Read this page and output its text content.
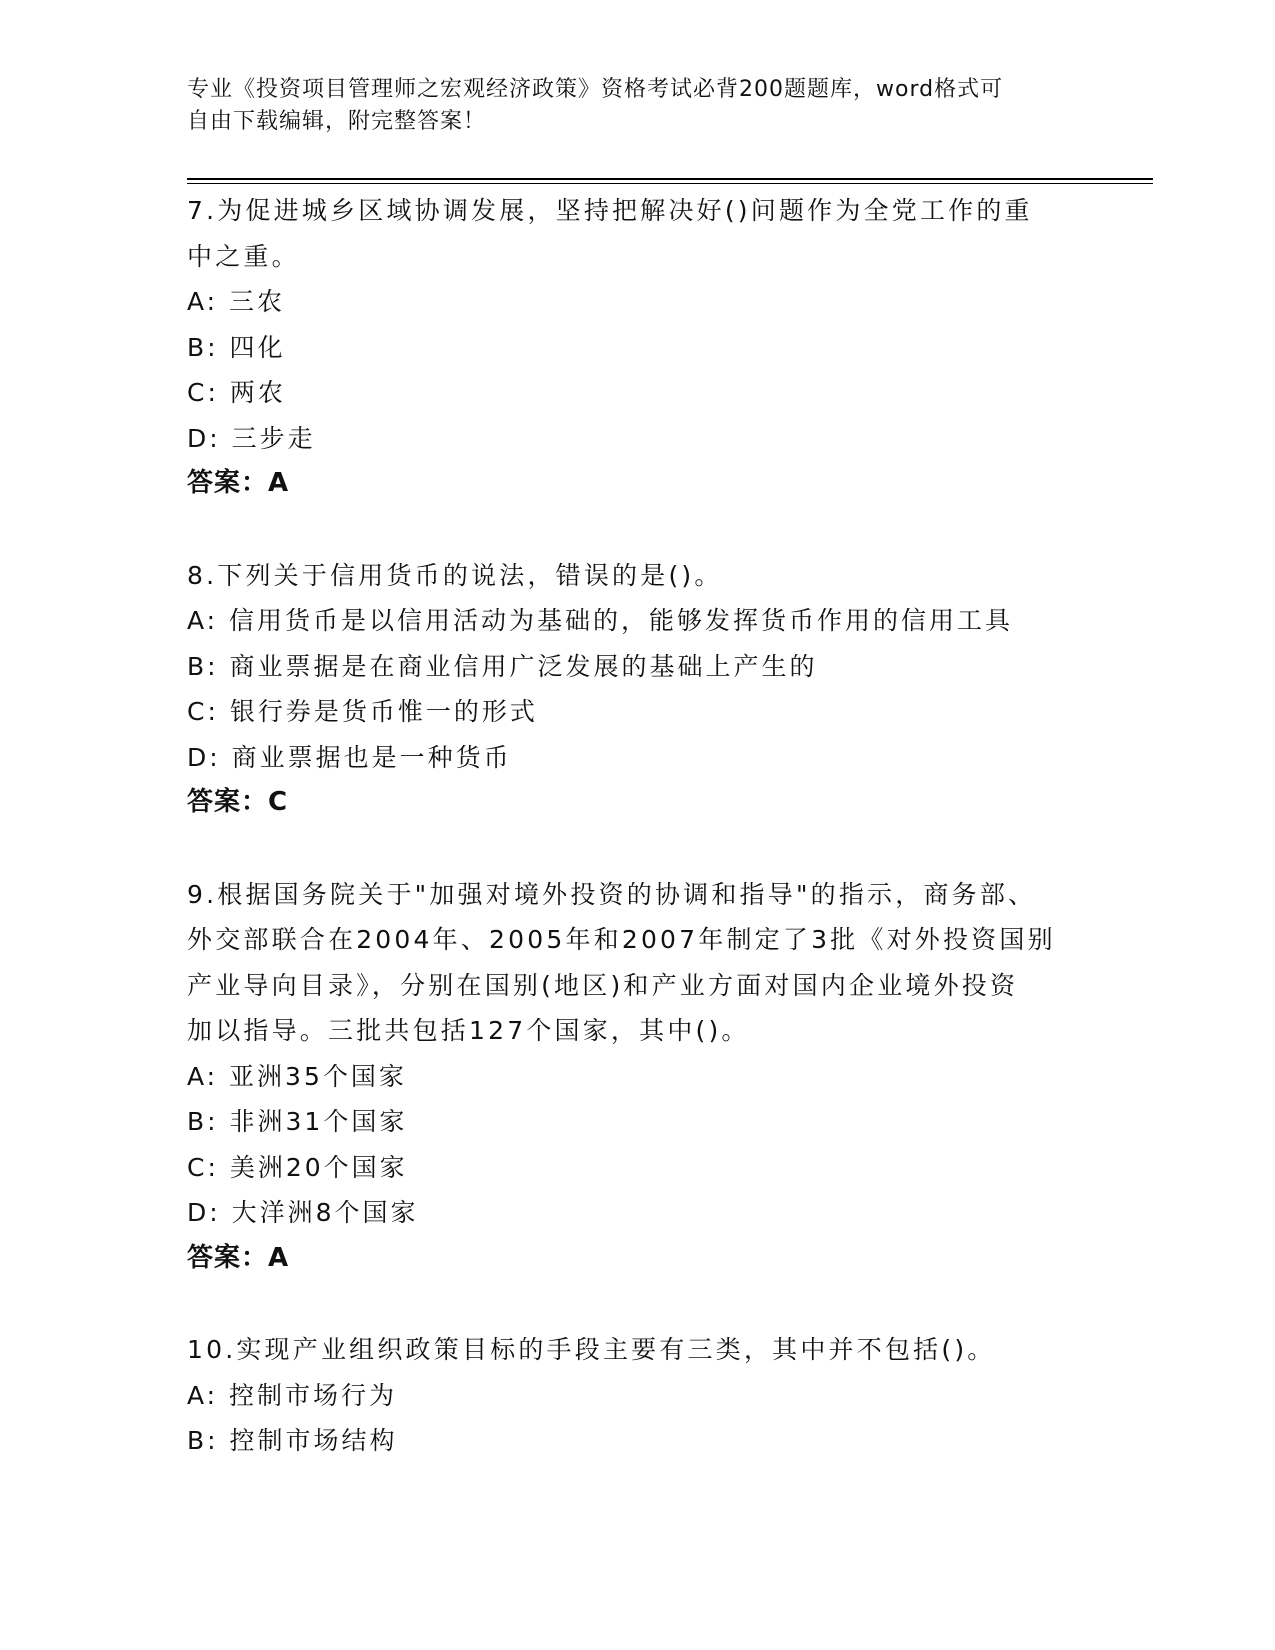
专业《投资项目管理师之宏观经济政策》资格考试必背200题题库，word格式可
自由下载编辑，附完整答案！
7.为促进城乡区域协调发展，坚持把解决好()问题作为全党工作的重
中之重。
A: 三农
B: 四化
C: 两农
D: 三步走
答案：A
8.下列关于信用货币的说法，错误的是()。
A: 信用货币是以信用活动为基础的，能够发挥货币作用的信用工具
B: 商业票据是在商业信用广泛发展的基础上产生的
C: 银行券是货币惟一的形式
D: 商业票据也是一种货币
答案：C
9.根据国务院关于"加强对境外投资的协调和指导"的指示，商务部、
外交部联合在2004年、2005年和2007年制定了3批《对外投资国别
产业导向目录》，分别在国别(地区)和产业方面对国内企业境外投资
加以指导。三批共包括127个国家，其中()。
A: 亚洲35个国家
B: 非洲31个国家
C: 美洲20个国家
D: 大洋洲8个国家
答案：A
10.实现产业组织政策目标的手段主要有三类，其中并不包括()。
A: 控制市场行为
B: 控制市场结构
